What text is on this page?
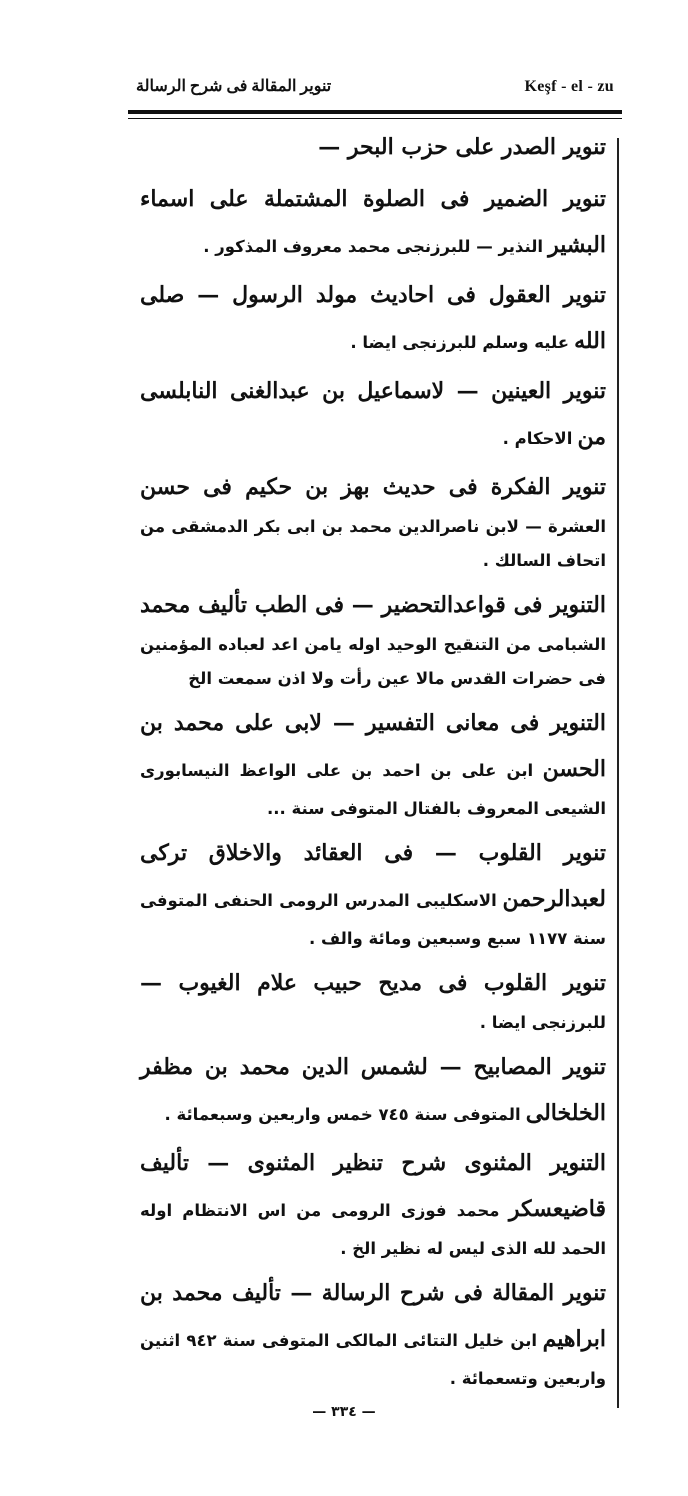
تنوير المقالة فى شرح الرسالة	Keşf - el - zu
تنوير الصدر على حزب البحر —
تنوير الضمير فى الصلوة المشتملة على اسماء البشير النذير — للبرزنجى محمد معروف المذكور .
تنوير العقول فى احاديث مولد الرسول — صلى الله عليه وسلم للبرزنجى ايضا .
تنوير العينين — لاسماعيل بن عبدالغنى النابلسى من الاحكام .
تنوير الفكرة فى حديث بهز بن حكيم فى حسن العشرة — لابن ناصرالدين محمد بن ابى بكر الدمشقى من اتحاف السالك .
التنوير فى قواعدالتحضير — فى الطب تأليف محمد الشبامى من التنقيح الوحيد اوله يامن اعد لعباده المؤمنين فى حضرات القدس مالا عين رأت ولا اذن سمعت الخ
التنوير فى معانى التفسير — لابى على محمد بن الحسن ابن على بن احمد بن على الواعظ النيسابورى الشيعى المعروف بالفتال المتوفى سنة ...
تنوير القلوب — فى العقائد والاخلاق تركى لعبدالرحمن الاسكليبى المدرس الرومى الحنفى المتوفى سنة ١١٧٧ سبع وسبعين ومائة والف .
تنوير القلوب فى مديح حبيب علام الغيوب — للبرزنجى ايضا .
تنوير المصابيح — لشمس الدين محمد بن مظفر الخلخالى المتوفى سنة ٧٤٥ خمس واربعين وسبعمائة .
التنوير المثنوى شرح تنظير المثنوى — تأليف قاضيعسكر محمد فوزى الرومى من اس الانتظام اوله الحمد لله الذى ليس له نظير الخ .
تنوير المقالة فى شرح الرسالة — تأليف محمد بن ابراهيم ابن خليل التتائى المالكى المتوفى سنة ٩٤٢ اثنين واربعين وتسعمائة .
— ٣٣٤ —
